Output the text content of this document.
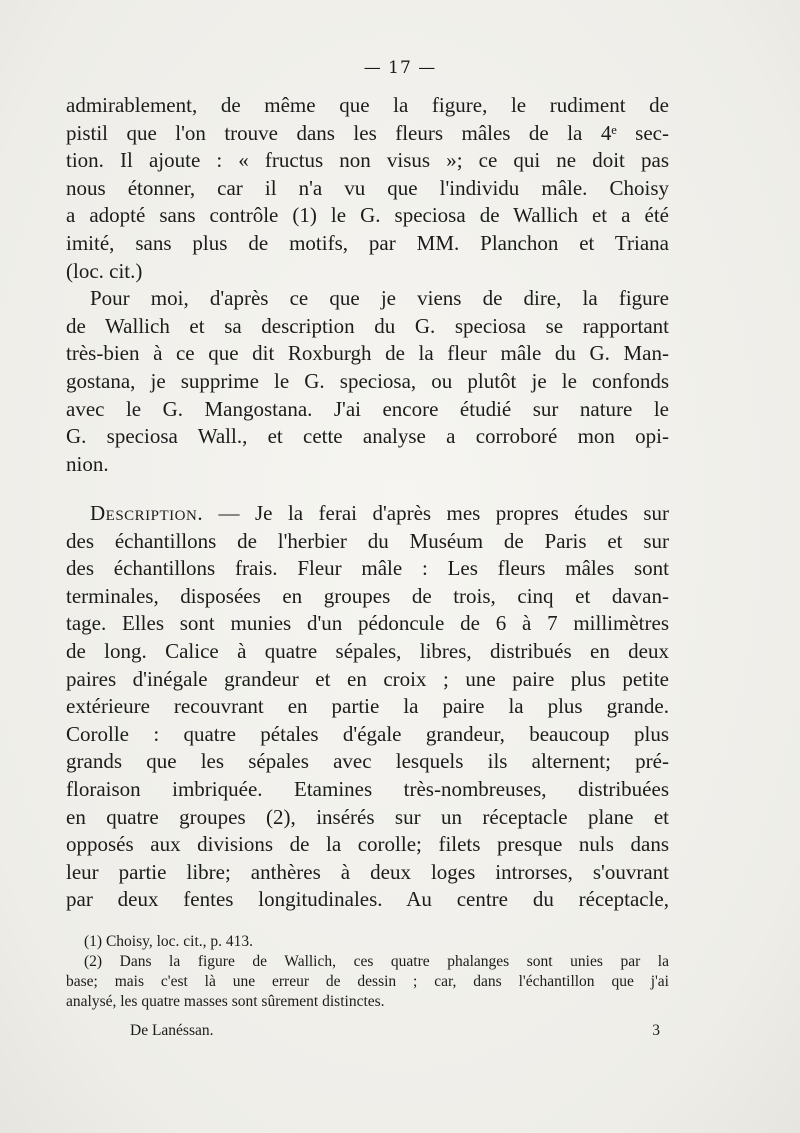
— 17 —
admirablement, de même que la figure, le rudiment de
pistil que l'on trouve dans les fleurs mâles de la 4ᵉ sec-
tion. Il ajoute : « fructus non visus »; ce qui ne doit pas
nous étonner, car il n'a vu que l'individu mâle. Choisy
a adopté sans contrôle (1) le G. speciosa de Wallich et a été
imité, sans plus de motifs, par MM. Planchon et Triana
(loc. cit.)
Pour moi, d'après ce que je viens de dire, la figure
de Wallich et sa description du G. speciosa se rapportant
très-bien à ce que dit Roxburgh de la fleur mâle du G. Man-
gostana, je supprime le G. speciosa, ou plutôt je le confonds
avec le G. Mangostana. J'ai encore étudié sur nature le
G. speciosa Wall., et cette analyse a corroboré mon opi-
nion.
Description. — Je la ferai d'après mes propres études sur
des échantillons de l'herbier du Muséum de Paris et sur
des échantillons frais. Fleur mâle : Les fleurs mâles sont
terminales, disposées en groupes de trois, cinq et davan-
tage. Elles sont munies d'un pédoncule de 6 à 7 millimètres
de long. Calice à quatre sépales, libres, distribués en deux
paires d'inégale grandeur et en croix ; une paire plus petite
extérieure recouvrant en partie la paire la plus grande.
Corolle : quatre pétales d'égale grandeur, beaucoup plus
grands que les sépales avec lesquels ils alternent; pré-
floraison imbriquée. Etamines très-nombreuses, distribuées
en quatre groupes (2), insérés sur un réceptacle plane et
opposés aux divisions de la corolle; filets presque nuls dans
leur partie libre; anthères à deux loges introrses, s'ouvrant
par deux fentes longitudinales. Au centre du réceptacle,
(1) Choisy, loc. cit., p. 413.
(2) Dans la figure de Wallich, ces quatre phalanges sont unies par la
base; mais c'est là une erreur de dessin ; car, dans l'échantillon que j'ai
analysé, les quatre masses sont sûrement distinctes.
De Lanéssan.	3
